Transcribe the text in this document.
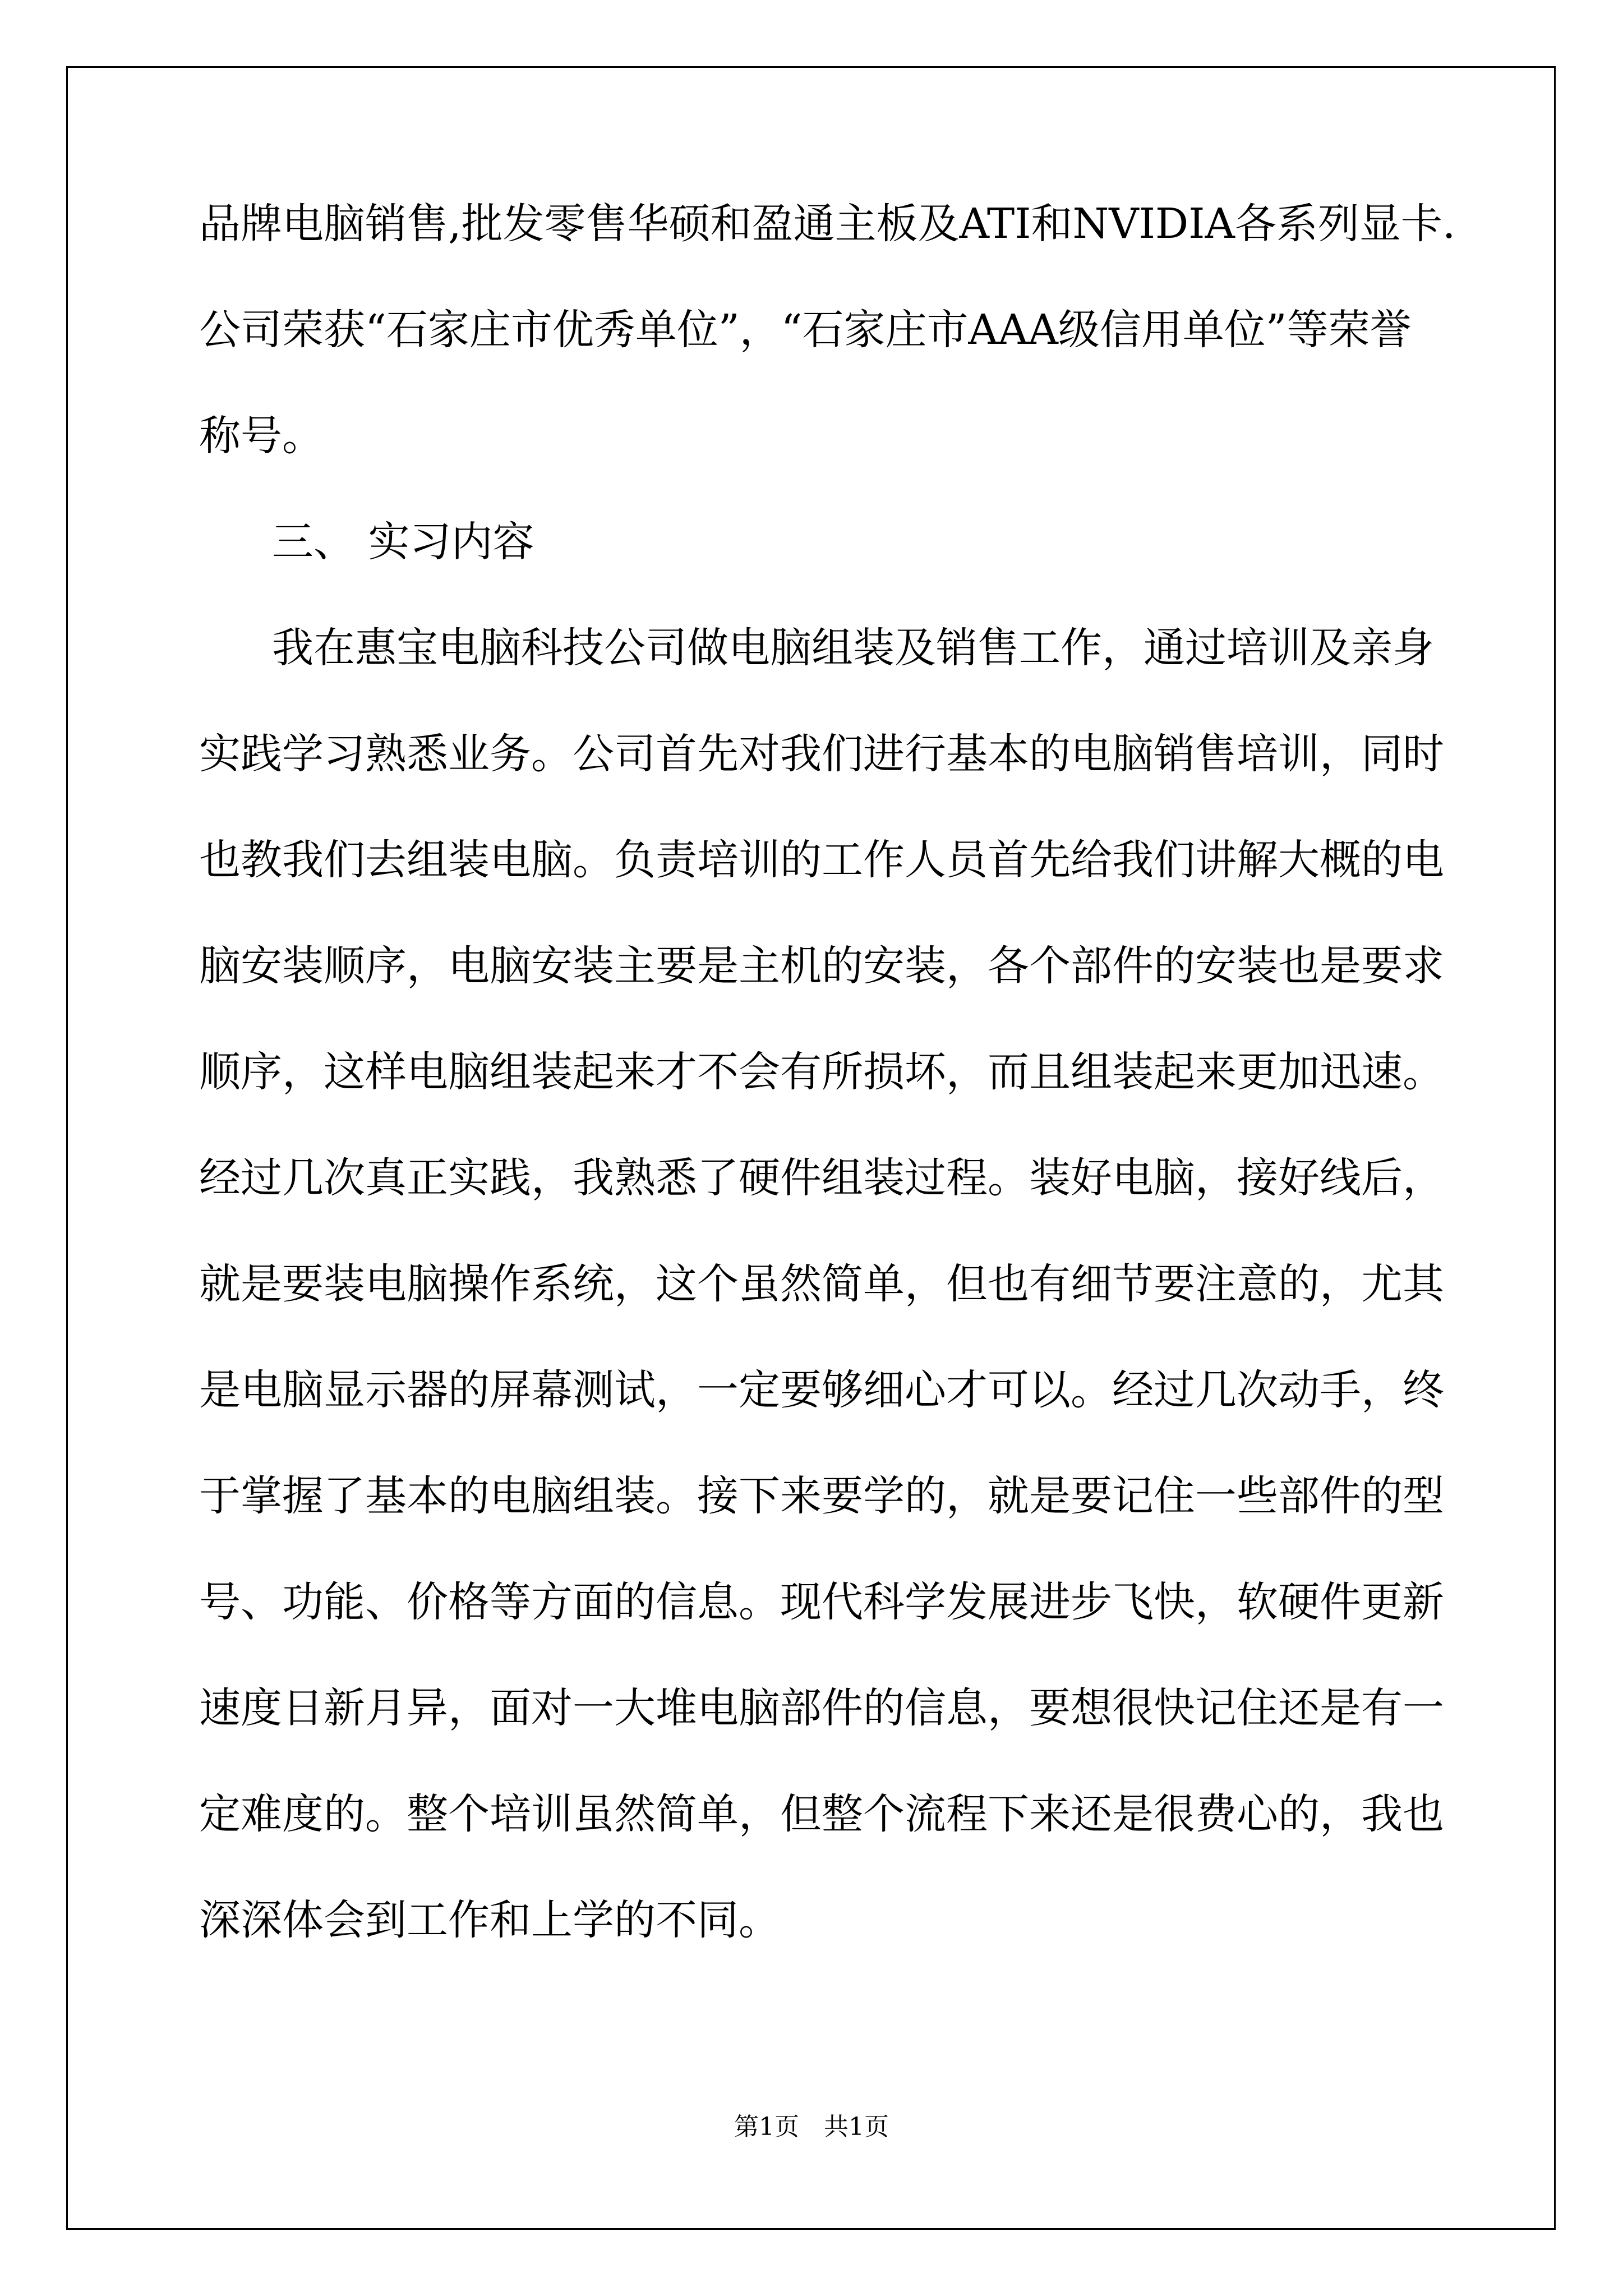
品牌电脑销售,批发零售华硕和盈通主板及ATI和NVIDIA各系列显卡.
公司荣获“石家庄市优秀单位”，“石家庄市AAA级信用单位”等荣誉
称号。
三、 实习内容
我在惠宝电脑科技公司做电脑组装及销售工作，通过培训及亲身
实践学习熟悉业务。公司首先对我们进行基本的电脑销售培训，同时
也教我们去组装电脑。负责培训的工作人员首先给我们讲解大概的电
脑安装顺序，电脑安装主要是主机的安装，各个部件的安装也是要求
顺序，这样电脑组装起来才不会有所损坏，而且组装起来更加迅速。
经过几次真正实践，我熟悉了硬件组装过程。装好电脑，接好线后，
就是要装电脑操作系统，这个虽然简单，但也有细节要注意的，尤其
是电脑显示器的屏幕测试，一定要够细心才可以。经过几次动手，终
于掌握了基本的电脑组装。接下来要学的，就是要记住一些部件的型
号、功能、价格等方面的信息。现代科学发展进步飞快，软硬件更新
速度日新月异，面对一大堆电脑部件的信息，要想很快记住还是有一
定难度的。整个培训虽然简单，但整个流程下来还是很费心的，我也
深深体会到工作和上学的不同。
第1页　共1页
